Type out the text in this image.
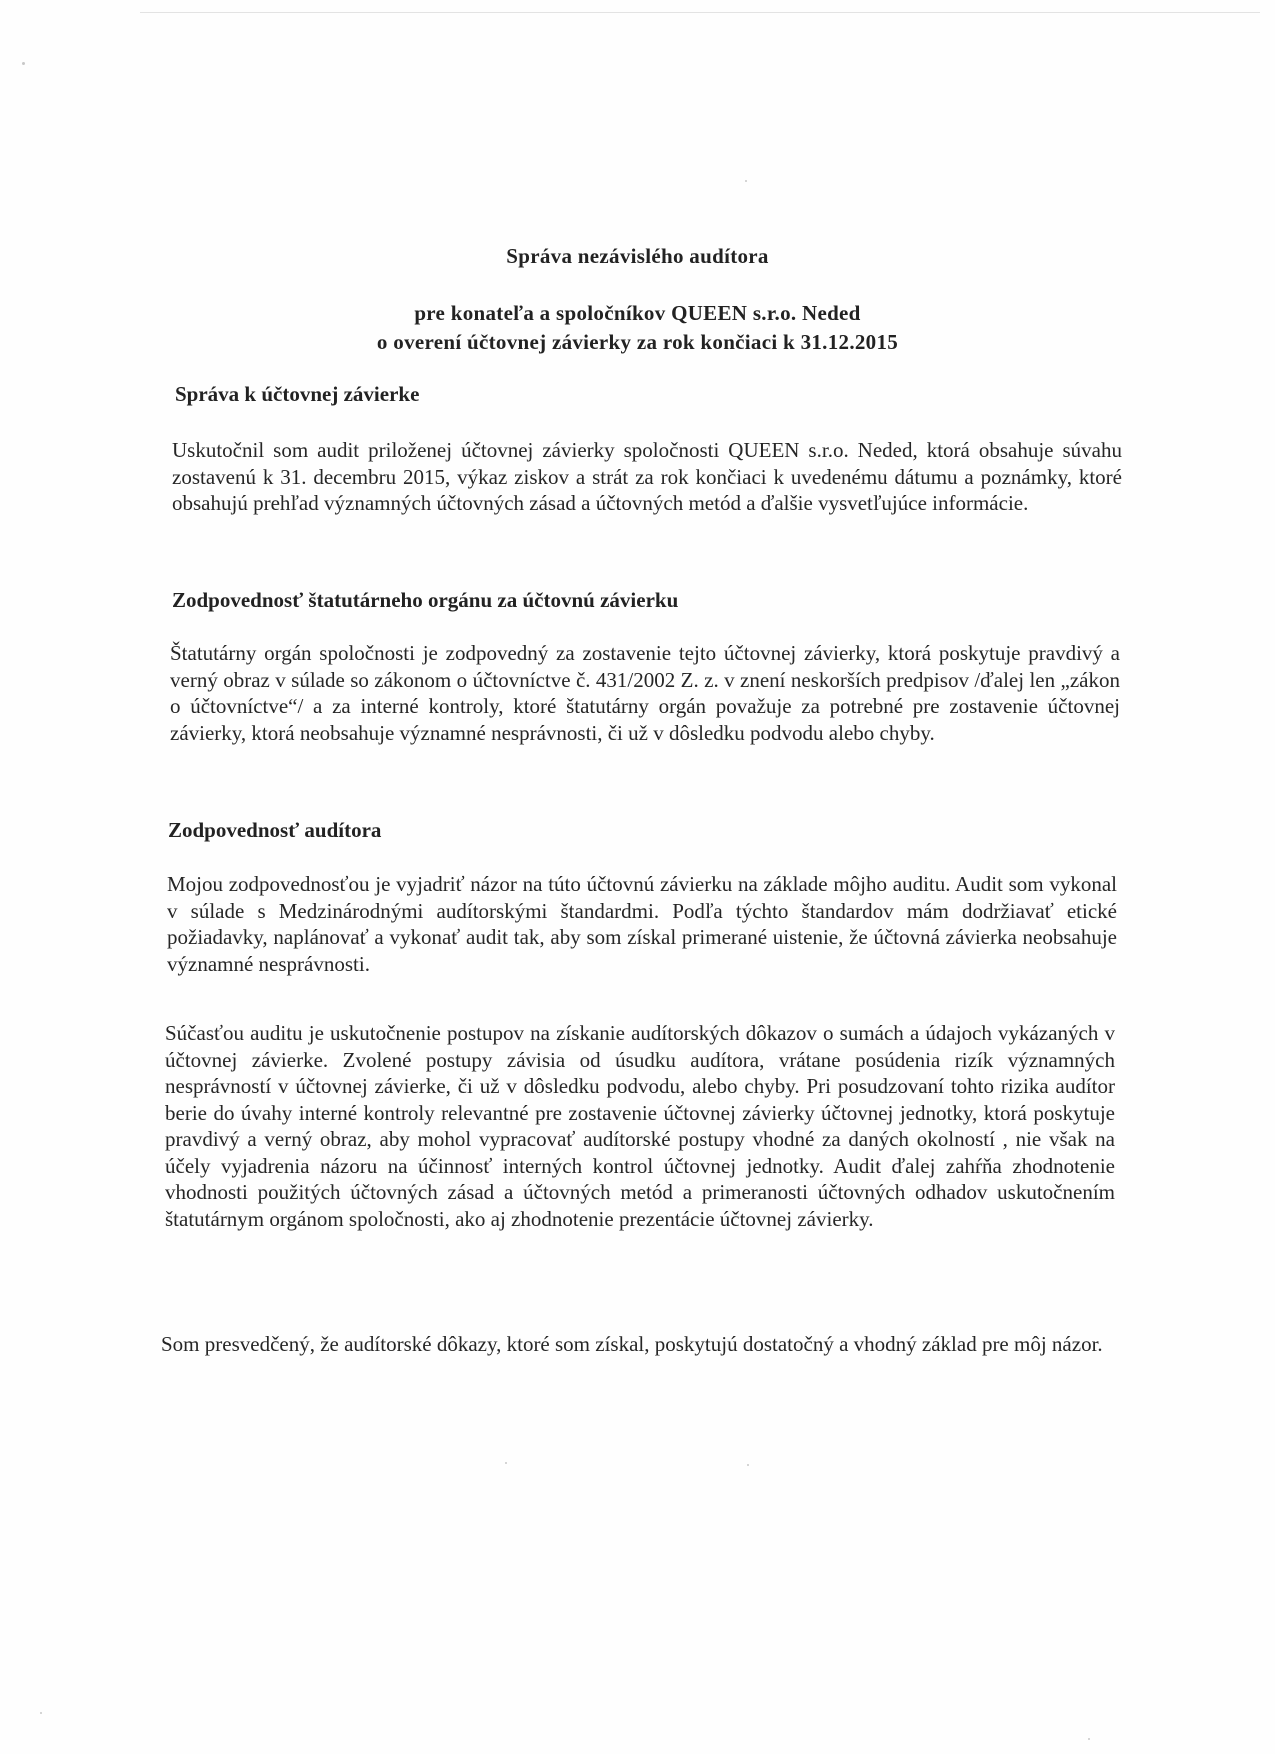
Správa nezávislého audítora
pre konateľa a spoločníkov QUEEN s.r.o. Neded
o overení účtovnej závierky za rok končiaci k 31.12.2015
Správa k účtovnej závierke
Uskutočnil som audit priloženej účtovnej závierky spoločnosti QUEEN s.r.o. Neded, ktorá obsahuje súvahu zostavenú k 31. decembru 2015, výkaz ziskov a strát za rok končiaci k uvedenému dátumu a poznámky, ktoré obsahujú prehľad významných účtovných zásad a účtovných metód a ďalšie vysvetľujúce informácie.
Zodpovednosť štatutárneho orgánu za účtovnú závierku
Štatutárny orgán spoločnosti je zodpovedný za zostavenie tejto účtovnej závierky, ktorá poskytuje pravdivý a verný obraz v súlade so zákonom o účtovníctve č. 431/2002 Z. z. v znení neskorších predpisov /ďalej len „zákon o účtovníctve“/ a za interné kontroly, ktoré štatutárny orgán považuje za potrebné pre zostavenie účtovnej závierky, ktorá neobsahuje významné nesprávnosti, či už v dôsledku podvodu alebo chyby.
Zodpovednosť audítora
Mojou zodpovednosťou je vyjadriť názor na túto účtovnú závierku na základe môjho auditu. Audit som vykonal v súlade s Medzinárodnými audítorskými štandardmi. Podľa týchto štandardov mám dodržiavať etické požiadavky, naplánovať a vykonať audit tak, aby som získal primerané uistenie, že účtovná závierka neobsahuje významné nesprávnosti.
Súčasťou auditu je uskutočnenie postupov na získanie audítorských dôkazov o sumách a údajoch vykázaných v účtovnej závierke. Zvolené postupy závisia od úsudku audítora, vrátane posúdenia rizík významných nesprávností v účtovnej závierke, či už v dôsledku podvodu, alebo chyby. Pri posudzovaní tohto rizika audítor berie do úvahy interné kontroly relevantné pre zostavenie účtovnej závierky účtovnej jednotky, ktorá poskytuje pravdivý a verný obraz, aby mohol vypracovať audítorské postupy vhodné za daných okolností , nie však na účely vyjadrenia názoru na účinnosť interných kontrol účtovnej jednotky. Audit ďalej zahŕňa zhodnotenie vhodnosti použitých účtovných zásad a účtovných metód a primeranosti účtovných odhadov uskutočnením štatutárnym orgánom spoločnosti, ako aj zhodnotenie prezentácie účtovnej závierky.
Som presvedčený, že audítorské dôkazy, ktoré som získal, poskytujú dostatočný a vhodný základ pre môj názor.
